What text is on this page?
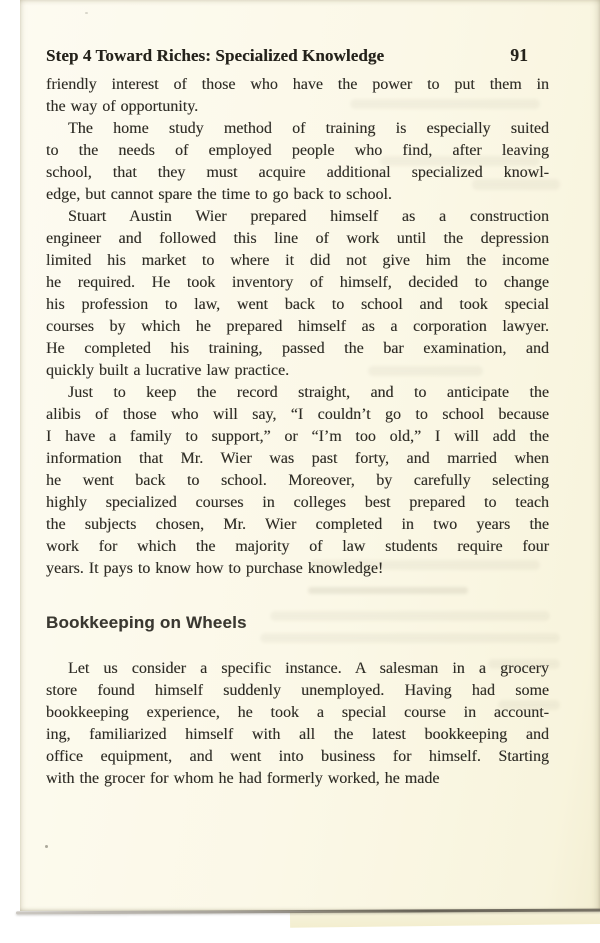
Step 4 Toward Riches: Specialized Knowledge	91
friendly interest of those who have the power to put them in
the way of opportunity.
The home study method of training is especially suited
to the needs of employed people who find, after leaving
school, that they must acquire additional specialized knowl-
edge, but cannot spare the time to go back to school.
Stuart Austin Wier prepared himself as a construction
engineer and followed this line of work until the depression
limited his market to where it did not give him the income
he required. He took inventory of himself, decided to change
his profession to law, went back to school and took special
courses by which he prepared himself as a corporation lawyer.
He completed his training, passed the bar examination, and
quickly built a lucrative law practice.
Just to keep the record straight, and to anticipate the
alibis of those who will say, “I couldn’t go to school because
I have a family to support,” or “I’m too old,” I will add the
information that Mr. Wier was past forty, and married when
he went back to school. Moreover, by carefully selecting
highly specialized courses in colleges best prepared to teach
the subjects chosen, Mr. Wier completed in two years the
work for which the majority of law students require four
years. It pays to know how to purchase knowledge!
Bookkeeping on Wheels
Let us consider a specific instance. A salesman in a grocery
store found himself suddenly unemployed. Having had some
bookkeeping experience, he took a special course in account-
ing, familiarized himself with all the latest bookkeeping and
office equipment, and went into business for himself. Starting
with the grocer for whom he had formerly worked, he made
